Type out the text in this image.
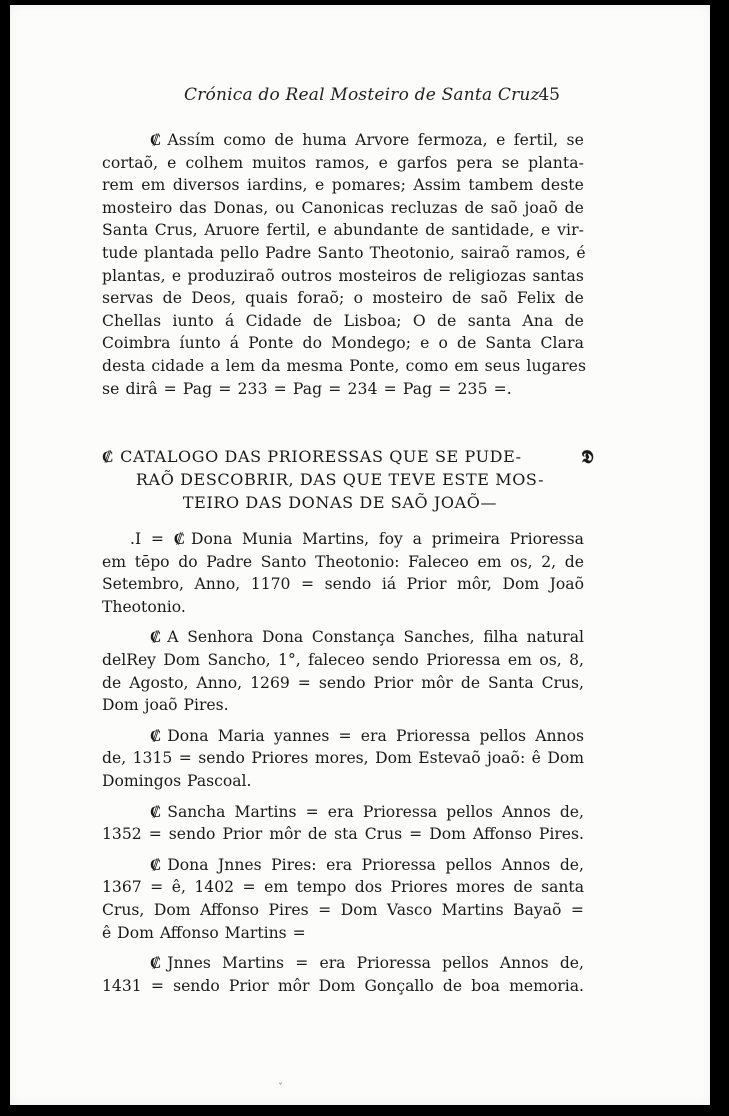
Crónica do Real Mosteiro de Santa Cruz
45
₡ Assím como de huma Arvore fermoza, e fertil, se
cortaõ, e colhem muitos ramos, e garfos pera se planta-
rem em diversos iardins, e pomares; Assim tambem deste
mosteiro das Donas, ou Canonicas recluzas de saõ joaõ de
Santa Crus, Aruore fertil, e abundante de santidade, e vir-
tude plantada pello Padre Santo Theotonio, sairaõ ramos, é
plantas, e produziraõ outros mosteiros de religiozas santas
servas de Deos, quais foraõ; o mosteiro de saõ Felix de
Chellas iunto á Cidade de Lisboa; O de santa Ana de
Coimbra íunto á Ponte do Mondego; e o de Santa Clara
desta cidade a lem da mesma Ponte, como em seus lugares
se dirâ = Pag = 233 = Pag = 234 = Pag = 235 =.
₡ CATALOGO DAS PRIORESSAS QUE SE PUDE-
RAÕ DESCOBRIR, DAS QUE TEVE ESTE MOS-
TEIRO DAS DONAS DE SAÕ JOAÕ—
𝕯
.I = ₡ Dona Munia Martins, foy a primeira Prioressa
em tēpo do Padre Santo Theotonio: Faleceo em os, 2, de
Setembro, Anno, 1170 = sendo iá Prior môr, Dom Joaõ
Theotonio.
₡ A Senhora Dona Constança Sanches, filha natural
delRey Dom Sancho, 1°, faleceo sendo Prioressa em os, 8,
de Agosto, Anno, 1269 = sendo Prior môr de Santa Crus,
Dom joaõ Pires.
₡ Dona Maria yannes = era Prioressa pellos Annos
de, 1315 = sendo Priores mores, Dom Estevaõ joaõ: ê Dom
Domingos Pascoal.
₡ Sancha Martins = era Prioressa pellos Annos de,
1352 = sendo Prior môr de sta Crus = Dom Affonso Pires.
₡ Dona Jnnes Pires: era Prioressa pellos Annos de,
1367 = ê, 1402 = em tempo dos Priores mores de santa
Crus, Dom Affonso Pires = Dom Vasco Martins Bayaõ =
ê Dom Affonso Martins =
₡ Jnnes Martins = era Prioressa pellos Annos de,
1431 = sendo Prior môr Dom Gonçallo de boa memoria.
ˇ
